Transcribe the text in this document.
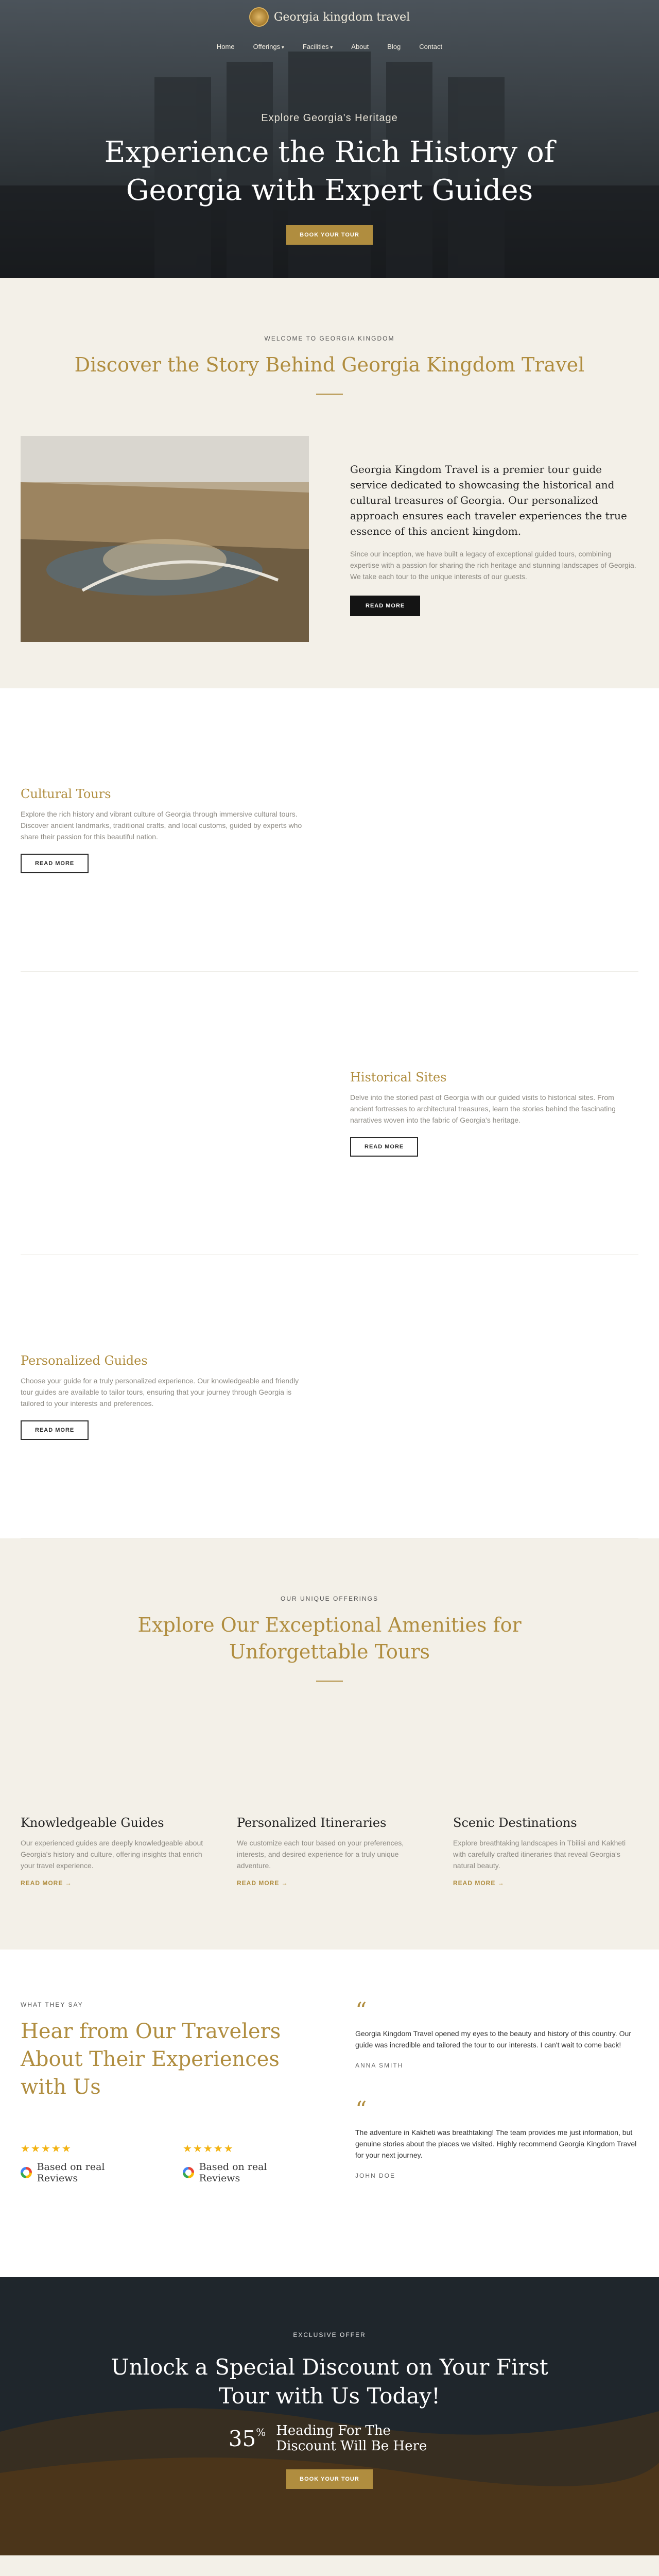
Georgia kingdom travel
Home	Offerings ▾	Facilities ▾	About	Blog	Contact
Explore Georgia's Heritage
Experience the Rich History of Georgia with Expert Guides
BOOK YOUR TOUR
WELCOME TO GEORGIA KINGDOM
Discover the Story Behind Georgia Kingdom Travel

Georgia Kingdom Travel is a premier tour guide service dedicated to showcasing the historical and cultural treasures of Georgia. Our personalized approach ensures each traveler experiences the true essence of this ancient kingdom.

Since our inception, we have built a legacy of exceptional guided tours, combining expertise with a passion for sharing the rich heritage and stunning landscapes of Georgia. We take each tour to the unique interests of our guests.

READ MORE
Cultural Tours

Explore the rich history and vibrant culture of Georgia through immersive cultural tours. Discover ancient landmarks, traditional crafts, and local customs, guided by experts who share their passion for this beautiful nation.

READ MORE
Historical Sites

Delve into the storied past of Georgia with our guided visits to historical sites. From ancient fortresses to architectural treasures, learn the stories behind the fascinating narratives woven into the fabric of Georgia's heritage.

READ MORE
Personalized Guides

Choose your guide for a truly personalized experience. Our knowledgeable and friendly tour guides are available to tailor tours, ensuring that your journey through Georgia is tailored to your interests and preferences.

READ MORE
OUR UNIQUE OFFERINGS
Explore Our Exceptional Amenities for Unforgettable Tours
Knowledgeable Guides

Our experienced guides are deeply knowledgeable about Georgia's history and culture, offering insights that enrich your travel experience.

READ MORE →
Personalized Itineraries

We customize each tour based on your preferences, interests, and desired experience for a truly unique adventure.

READ MORE →
Scenic Destinations

Explore breathtaking landscapes in Tbilisi and Kakheti with carefully crafted itineraries that reveal Georgia's natural beauty.

READ MORE →
WHAT THEY SAY
Hear from Our Travelers About Their Experiences with Us
★★★★★
Based on real Reviews
★★★★★
Based on real Reviews
“

Georgia Kingdom Travel opened my eyes to the beauty and history of this country. Our guide was incredible and tailored the tour to our interests. I can't wait to come back!

ANNA SMITH
“

The adventure in Kakheti was breathtaking! The team provides me just information, but genuine stories about the places we visited. Highly recommend Georgia Kingdom Travel for your next journey.

JOHN DOE
EXCLUSIVE OFFER
Unlock a Special Discount on Your First Tour with Us Today!
35% Heading For The Discount Will Be Here
BOOK YOUR TOUR
